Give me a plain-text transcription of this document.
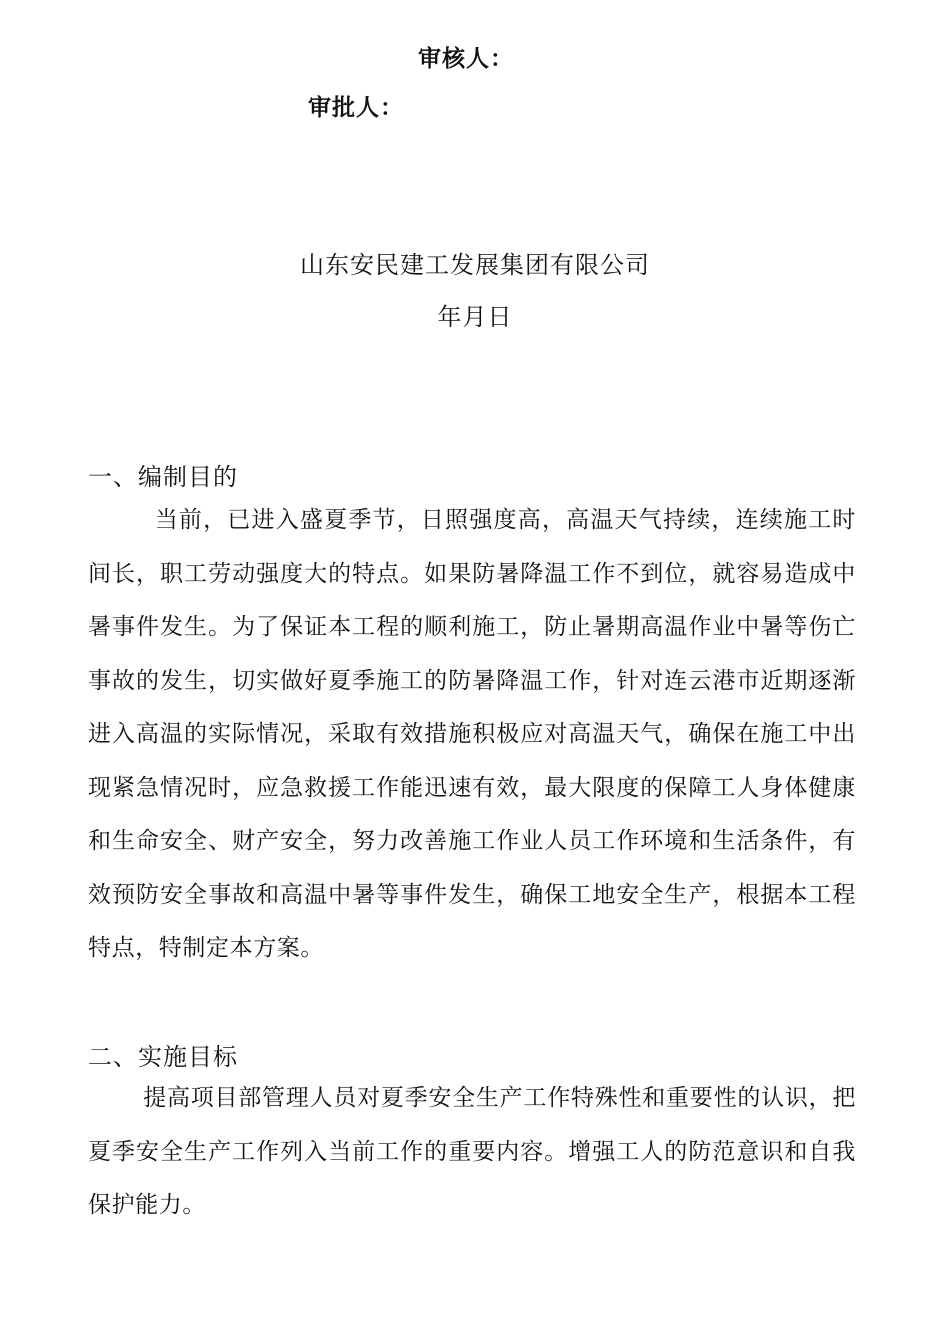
审核人：
审批人：
山东安民建工发展集团有限公司
年月日
一、编制目的

当前，已进入盛夏季节，日照强度高，高温天气持续，连续施工时间长，职工劳动强度大的特点。如果防暑降温工作不到位，就容易造成中暑事件发生。为了保证本工程的顺利施工，防止暑期高温作业中暑等伤亡事故的发生，切实做好夏季施工的防暑降温工作，针对连云港市近期逐渐进入高温的实际情况，采取有效措施积极应对高温天气，确保在施工中出现紧急情况时，应急救援工作能迅速有效，最大限度的保障工人身体健康和生命安全、财产安全，努力改善施工作业人员工作环境和生活条件，有效预防安全事故和高温中暑等事件发生，确保工地安全生产，根据本工程特点，特制定本方案。

二、实施目标

提高项目部管理人员对夏季安全生产工作特殊性和重要性的认识，把夏季安全生产工作列入当前工作的重要内容。增强工人的防范意识和自我保护能力。
